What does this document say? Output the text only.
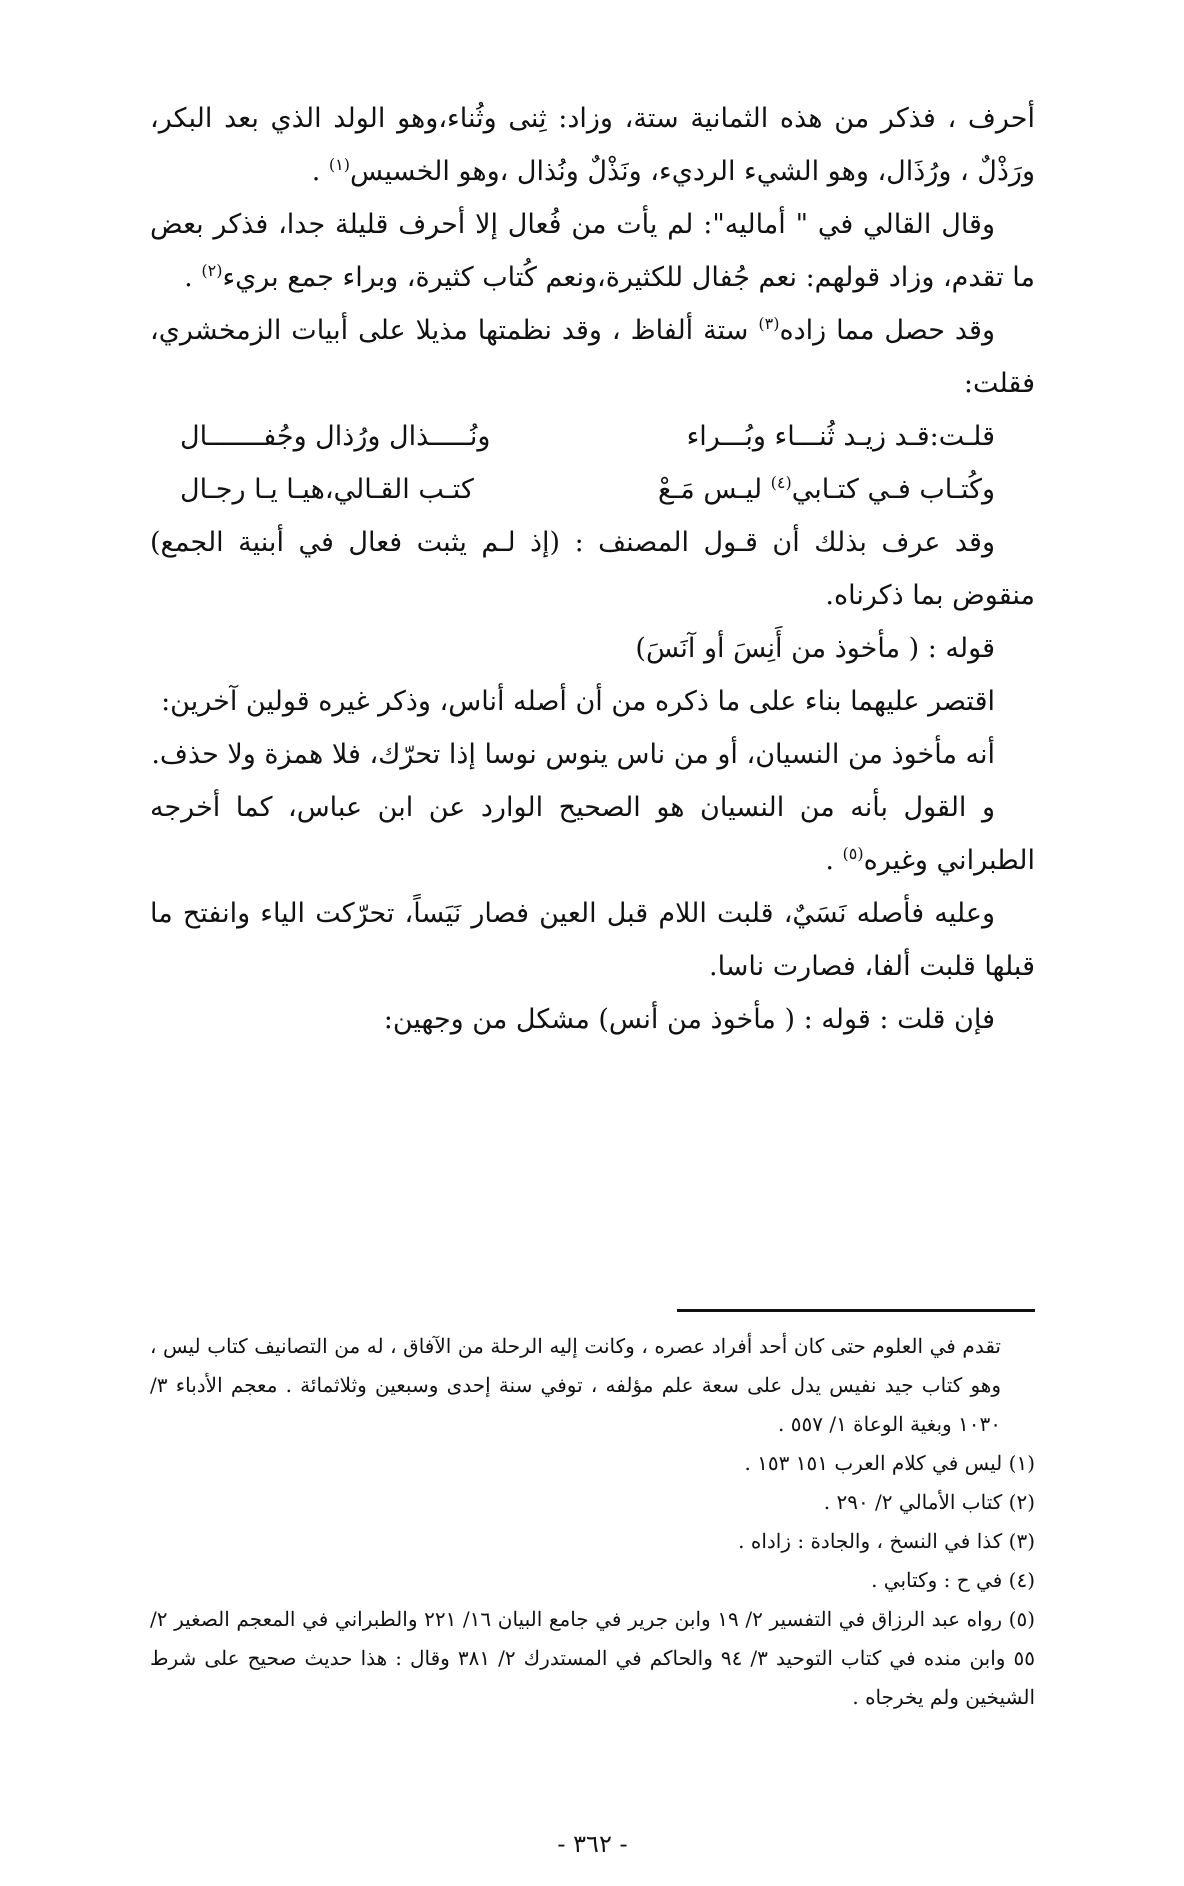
أحرف ، فذكر من هذه الثمانية ستة، وزاد: ثِنى وثُناء،وهو الولد الذي بعد البكر، ورَذْلٌ ، ورُذَال، وهو الشيء الرديء، ونَذْلٌ ونُذال ،وهو الخسيس$^{(١)}$ .

وقال القالي في " أماليه": لم يأت من فُعال إلا أحرف قليلة جدا، فذكر بعض ما تقدم، وزاد قولهم: نعم جُفال للكثيرة،ونعم كُتاب كثيرة، وبراء جمع بريء$^{(٢)}$ .

وقد حصل مما زاده$^{(٣)}$ ستة ألفاظ ، وقد نظمتها مذيلا على أبيات الزمخشري، فقلت:

قلـت:قـد زيـد ثُنـــاء وبُـــراء
ونُـــــذال ورُذال وجُفـــــــال
وكُتـاب فـي كتـابي$^{(٤)}$ ليـس مَـعْ
كتـب القـالي،هيـا يـا رجـال

وقد عرف بذلك أن قـول المصنف : (إذ لـم يثبت فعال في أبنية الجمع) منقوض بما ذكرناه.

قوله : ( مأخوذ من أَنِسَ أو آنَسَ)

اقتصر عليهما بناء على ما ذكره من أن أصله أناس، وذكر غيره قولين آخرين:

أنه مأخوذ من النسيان، أو من ناس ينوس نوسا إذا تحرّك، فلا همزة ولا حذف.

و القول بأنه من النسيان هو الصحيح الوارد عن ابن عباس، كما أخرجه الطبراني وغيره$^{(٥)}$ .

وعليه فأصله نَسَيٌ، قلبت اللام قبل العين فصار نَيَساً، تحرّكت الياء وانفتح ما قبلها قلبت ألفا، فصارت ناسا.

فإن قلت : قوله : ( مأخوذ من أنس) مشكل من وجهين:

تقدم في العلوم حتى كان أحد أفراد عصره ، وكانت إليه الرحلة من الآفاق ، له من التصانيف كتاب ليس ، وهو كتاب جيد نفيس يدل على سعة علم مؤلفه ، توفي سنة إحدى وسبعين وثلاثمائة . معجم الأدباء ٣/ ١٠٣٠ وبغية الوعاة ١/ ٥٥٧ .

(١) ليس في كلام العرب ١٥١ ١٥٣ .

(٢) كتاب الأمالي ٢/ ٢٩٠ .

(٣) كذا في النسخ ، والجادة : زاداه .

(٤) في ح : وكتابي .

(٥) رواه عبد الرزاق في التفسير ٢/ ١٩ وابن جرير في جامع البيان ١٦/ ٢٢١ والطبراني في المعجم الصغير ٢/ ٥٥ وابن منده في كتاب التوحيد ٣/ ٩٤ والحاكم في المستدرك ٢/ ٣٨١ وقال : هذا حديث صحيح على شرط الشيخين ولم يخرجاه .

- ٣٦٢ -
